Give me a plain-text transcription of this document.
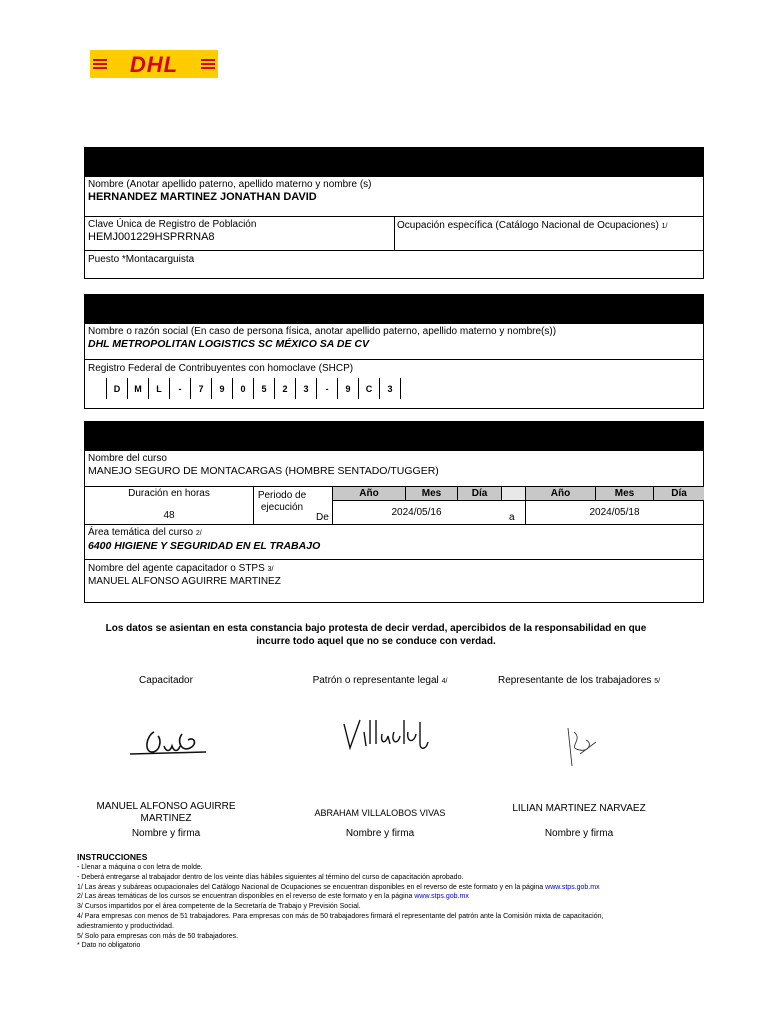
DHL
Nombre (Anotar apellido paterno, apellido materno y nombre (s)
HERNANDEZ MARTINEZ JONATHAN DAVID
Clave Única de Registro de Población
HEMJ001229HSPRRNA8
Ocupación específica (Catálogo Nacional de Ocupaciones) 1/
Puesto *Montacarguista
Nombre o razón social (En caso de persona física, anotar apellido paterno, apellido materno y nombre(s))
DHL METROPOLITAN LOGISTICS SC MÉXICO SA DE CV
Registro Federal de Contribuyentes con homoclave (SHCP)
D	M	L	-	7	9	0	5	2	3	-	9	C	3
Nombre del curso
MANEJO SEGURO DE MONTACARGAS (HOMBRE SENTADO/TUGGER)
Duración en horas
48
Periodo de ejecución
De
Año	Mes	Día	Año	Mes	Día
2024/05/16	a	2024/05/18
Área temática del curso 2/
6400 HIGIENE Y SEGURIDAD EN EL TRABAJO
Nombre del agente capacitador o STPS 3/
MANUEL ALFONSO AGUIRRE MARTINEZ
Los datos se asientan en esta constancia bajo protesta de decir verdad, apercibidos de la responsabilidad en que incurre todo aquel que no se conduce con verdad.
Capacitador	Patrón o representante legal 4/	Representante de los trabajadores 5/
MANUEL ALFONSO AGUIRRE MARTINEZ
Nombre y firma
ABRAHAM VILLALOBOS VIVAS
Nombre y firma
LILIAN MARTINEZ NARVAEZ
Nombre y firma
INSTRUCCIONES
- Llenar a máquina o con letra de molde.
- Deberá entregarse al trabajador dentro de los veinte días hábiles siguientes al término del curso de capacitación aprobado.
1/ Las áreas y subáreas ocupacionales del Catálogo Nacional de Ocupaciones se encuentran disponibles en el reverso de este formato y en la página www.stps.gob.mx
2/ Las áreas temáticas de los cursos se encuentran disponibles en el reverso de este formato y en la página www.stps.gob.mx
3/ Cursos impartidos por el área competente de la Secretaría de Trabajo y Previsión Social.
4/ Para empresas con menos de 51 trabajadores. Para empresas con más de 50 trabajadores firmará el representante del patrón ante la Comisión mixta de capacitación,
adiestramiento y productividad.
5/ Solo para empresas con más de 50 trabajadores.
* Dato no obligatorio
